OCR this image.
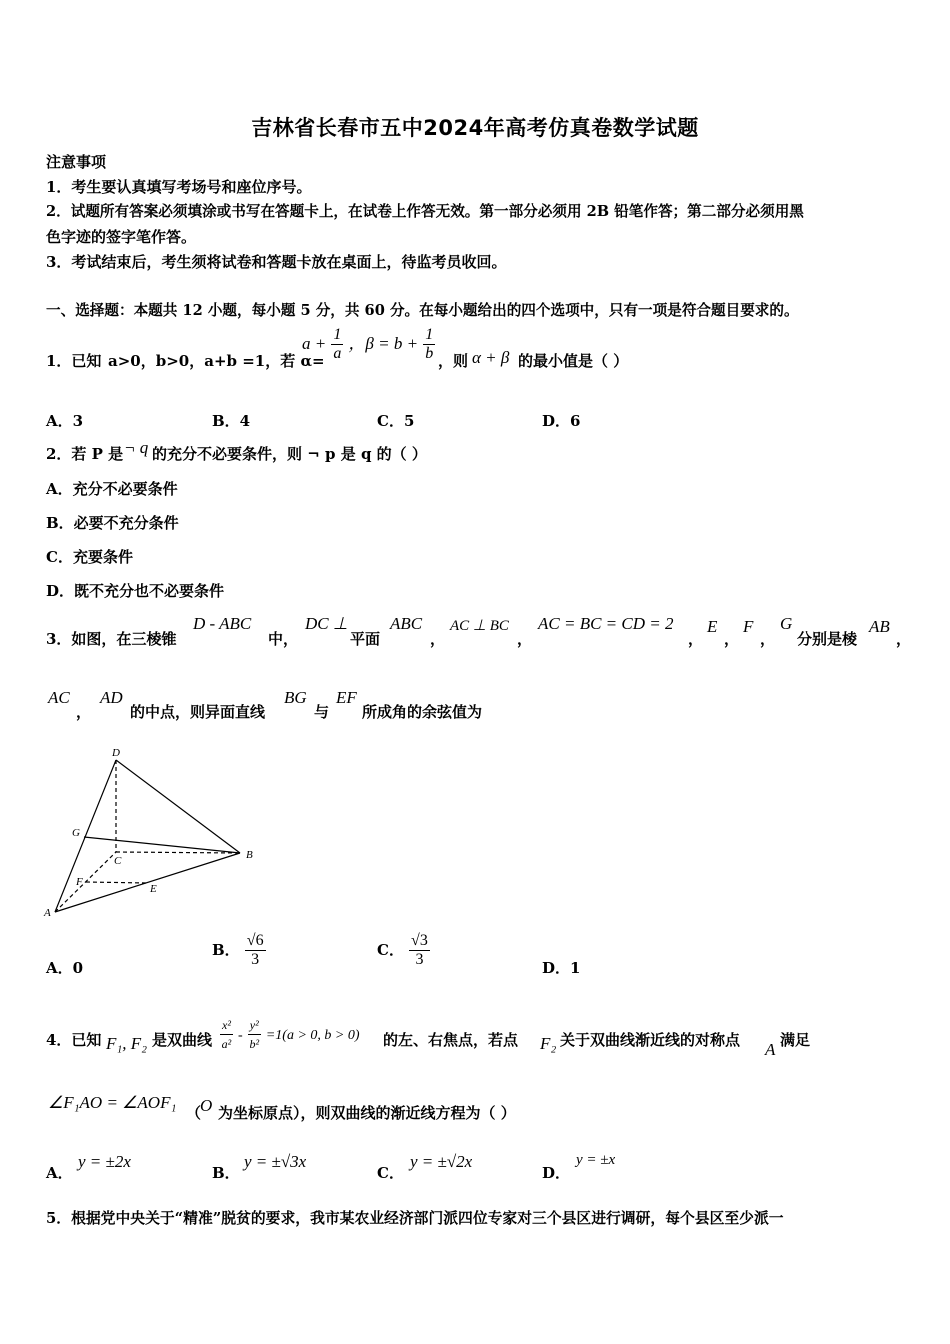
吉林省长春市五中2024年高考仿真卷数学试题
注意事项
1．考生要认真填写考场号和座位序号。
2．试题所有答案必须填涂或书写在答题卡上，在试卷上作答无效。第一部分必须用 2B 铅笔作答；第二部分必须用黑
色字迹的签字笔作答。
3．考试结束后，考生须将试卷和答题卡放在桌面上，待监考员收回。
一、选择题：本题共 12 小题，每小题 5 分，共 60 分。在每小题给出的四个选项中，只有一项是符合题目要求的。
1．已知 a>0，b>0，a+b =1，若 α=
$a + \frac{1}{a}$ ，$\beta = b + \frac{1}{b}$ ，则 α + β 的最小值是（ ）
A．3	B．4	C．5	D．6
2．若 P 是 ¬ q 的充分不必要条件，则 ¬ p 是 q 的（ ）
A．充分不必要条件
B．必要不充分条件
C．充要条件
D．既不充分也不必要条件
3．如图，在三棱锥
D - ABC
中，
DC ⊥
平面
ABC
，
AC ⊥ BC
，
AC = BC = CD = 2
，
E
，
F
，
G
分别是棱
AB
，
AC
，
AD
的中点，则异面直线
BG
与
EF
所成角的余弦值为
D
G
C	B
F
E
A
A．0
B． $\frac{√6}{3}$	C． $\frac{√3}{3}$	D．1
4．已知 F₁, F₂ 是双曲线 $\frac{\text{x²}}{\text{a²}} - \frac{\text{y²}}{\text{b²}} =1(a > 0$, b > 0) 的左、右焦点，若点 F₂ 关于双曲线渐近线的对称点 A 满足
∠F₁AO = ∠AOF₁
（
O 为坐标原点），则双曲线的渐近线方程为（ ）
A．
y = ±2x
B．
y = ±√3x
C．
y = ±√2x
D．
y = ±x
5．根据党中央关于“精准”脱贫的要求，我市某农业经济部门派四位专家对三个县区进行调研，每个县区至少派一
